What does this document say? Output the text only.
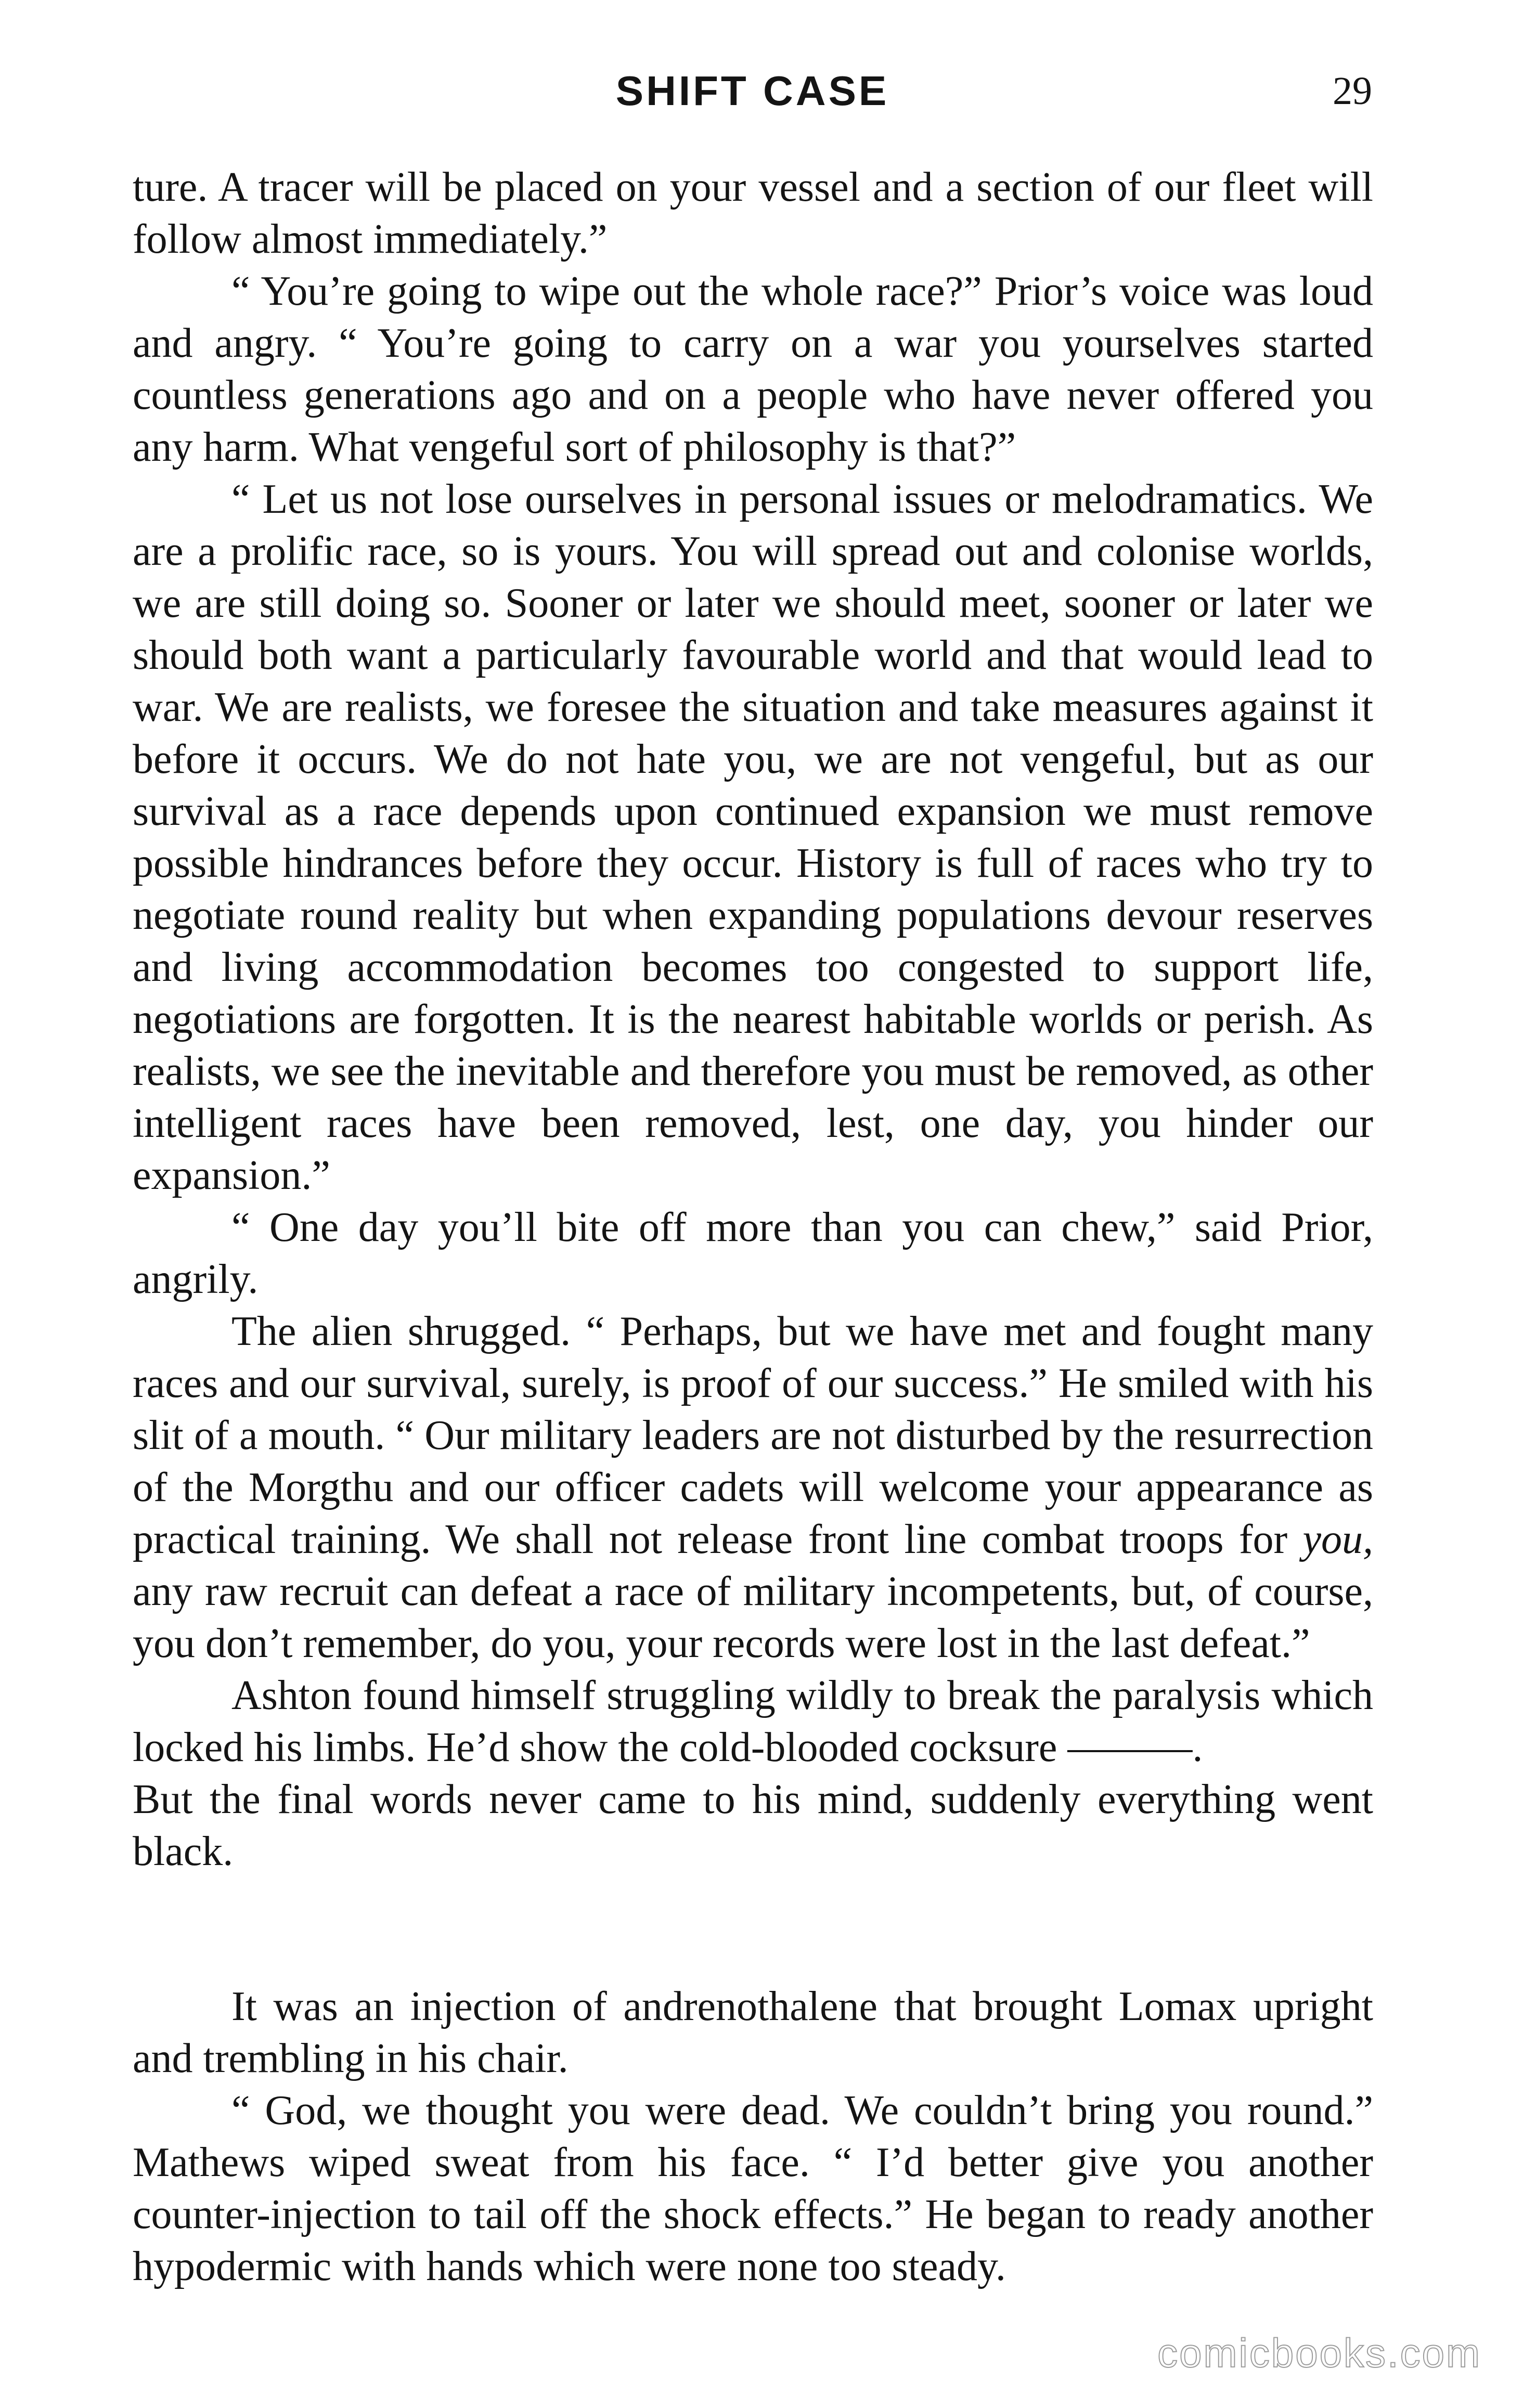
SHIFT CASE	29

ture. A tracer will be placed on your vessel and a section of our fleet will follow almost immediately.”

“ You’re going to wipe out the whole race?” Prior’s voice was loud and angry. “ You’re going to carry on a war you yourselves started countless generations ago and on a people who have never offered you any harm. What vengeful sort of philosophy is that?”

“ Let us not lose ourselves in personal issues or melodramatics. We are a prolific race, so is yours. You will spread out and colonise worlds, we are still doing so. Sooner or later we should meet, sooner or later we should both want a particularly favourable world and that would lead to war. We are realists, we foresee the situation and take measures against it before it occurs. We do not hate you, we are not vengeful, but as our survival as a race depends upon continued expansion we must remove possible hindrances before they occur. History is full of races who try to negotiate round reality but when expanding populations devour reserves and living accommodation becomes too congested to support life, negotiations are forgotten. It is the nearest habitable worlds or perish. As realists, we see the inevitable and therefore you must be removed, as other intelligent races have been removed, lest, one day, you hinder our expansion.”

“ One day you’ll bite off more than you can chew,” said Prior, angrily.

The alien shrugged. “ Perhaps, but we have met and fought many races and our survival, surely, is proof of our success.” He smiled with his slit of a mouth. “ Our military leaders are not disturbed by the resurrection of the Morgthu and our officer cadets will welcome your appearance as practical training. We shall not release front line combat troops for you, any raw recruit can defeat a race of military incompetents, but, of course, you don’t remember, do you, your records were lost in the last defeat.”

Ashton found himself struggling wildly to break the paralysis which locked his limbs. He’d show the cold-blooded cocksure ———.

But the final words never came to his mind, suddenly everything went black.

It was an injection of andrenothalene that brought Lomax upright and trembling in his chair.

“ God, we thought you were dead. We couldn’t bring you round.” Mathews wiped sweat from his face. “ I’d better give you another counter-injection to tail off the shock effects.” He began to ready another hypodermic with hands which were none too steady.

comicbooks.com
